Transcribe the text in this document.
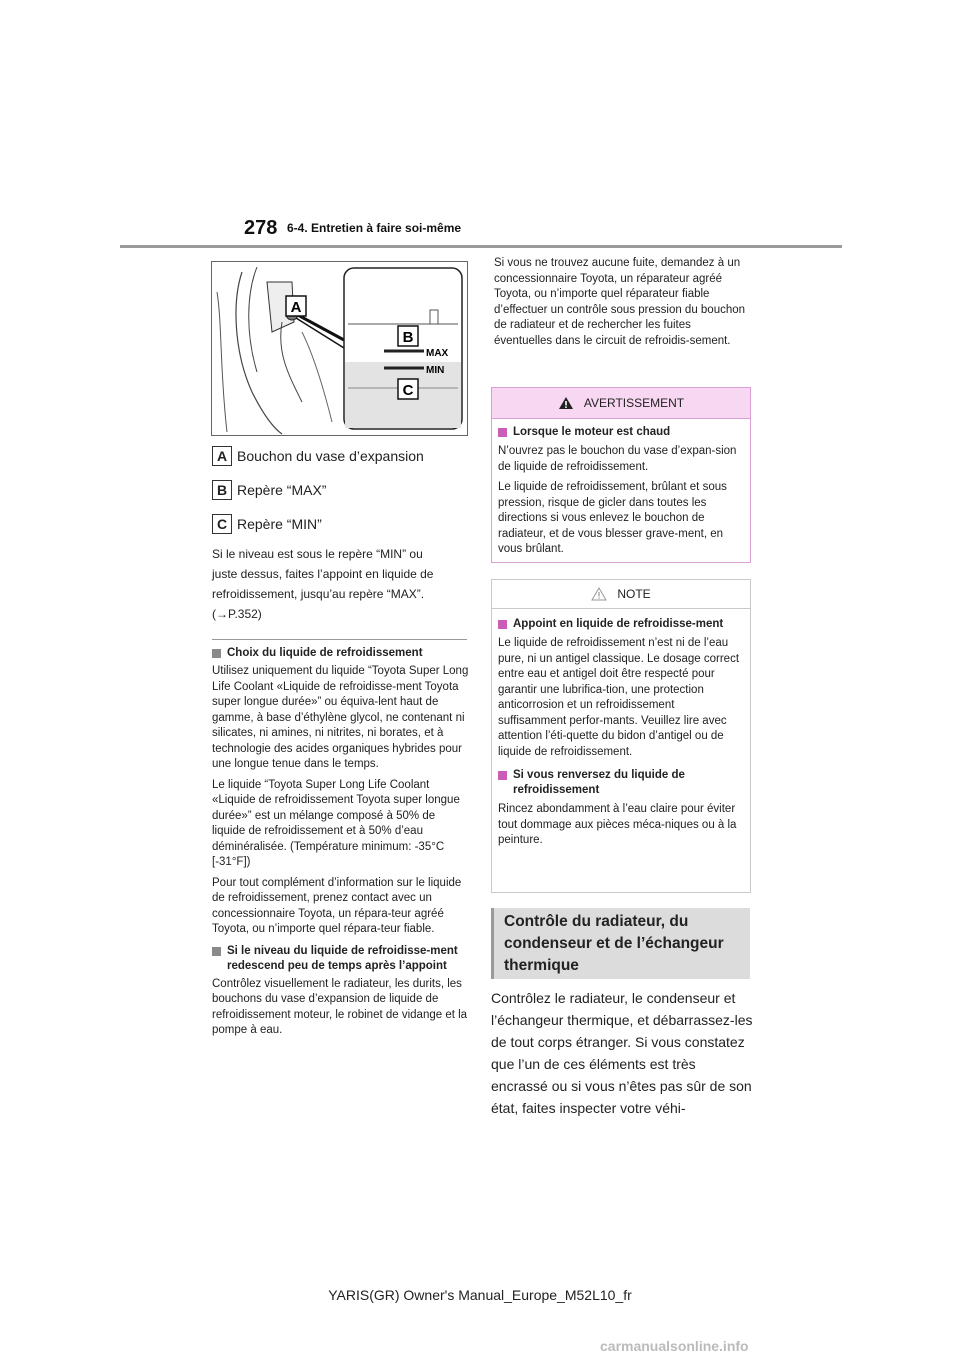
278 6-4. Entretien à faire soi-même
A
MAX
MIN
B
C
A Bouchon du vase d’expansion
B Repère “MAX”
C Repère “MIN”
Si le niveau est sous le repère “MIN” ou
juste dessus, faites l’appoint en liquide de
refroidissement, jusqu’au repère “MAX”.
(→P.352)
Choix du liquide de refroidissement

Utilisez uniquement du liquide “Toyota Super Long Life Coolant «Liquide de refroidisse-ment Toyota super longue durée»” ou équiva-lent haut de gamme, à base d’éthylène glycol, ne contenant ni silicates, ni amines, ni nitrites, ni borates, et à technologie des acides organiques hybrides pour une longue tenue dans le temps.

Le liquide “Toyota Super Long Life Coolant «Liquide de refroidissement Toyota super longue durée»” est un mélange composé à 50% de liquide de refroidissement et à 50% d’eau déminéralisée. (Température minimum: -35°C [-31°F])

Pour tout complément d’information sur le liquide de refroidissement, prenez contact avec un concessionnaire Toyota, un répara-teur agréé Toyota, ou n’importe quel répara-teur fiable.

Si le niveau du liquide de refroidisse-ment redescend peu de temps après l’appoint

Contrôlez visuellement le radiateur, les durits, les bouchons du vase d’expansion de liquide de refroidissement moteur, le robinet de vidange et la pompe à eau.

Si vous ne trouvez aucune fuite, demandez à un concessionnaire Toyota, un réparateur agréé Toyota, ou n’importe quel réparateur fiable d’effectuer un contrôle sous pression du bouchon de radiateur et de rechercher les fuites éventuelles dans le circuit de refroidis-sement.

AVERTISSEMENT
Lorsque le moteur est chaud

N’ouvrez pas le bouchon du vase d’expan-sion de liquide de refroidissement.

Le liquide de refroidissement, brûlant et sous pression, risque de gicler dans toutes les directions si vous enlevez le bouchon de radiateur, et de vous blesser grave-ment, en vous brûlant.

NOTE
Appoint en liquide de refroidisse-ment

Le liquide de refroidissement n’est ni de l’eau pure, ni un antigel classique. Le dosage correct entre eau et antigel doit être respecté pour garantir une lubrifica-tion, une protection anticorrosion et un refroidissement suffisamment perfor-mants. Veuillez lire avec attention l’éti-quette du bidon d’antigel ou de liquide de refroidissement.

Si vous renversez du liquide de refroidissement

Rincez abondamment à l’eau claire pour éviter tout dommage aux pièces méca-niques ou à la peinture.

Contrôle du radiateur, du condenseur et de l’échangeur thermique
Contrôlez le radiateur, le condenseur et l’échangeur thermique, et débarrassez-les de tout corps étranger. Si vous constatez que l’un de ces éléments est très encrassé ou si vous n’êtes pas sûr de son état, faites inspecter votre véhi-
YARIS(GR) Owner's Manual_Europe_M52L10_fr
carmanualsonline.info
